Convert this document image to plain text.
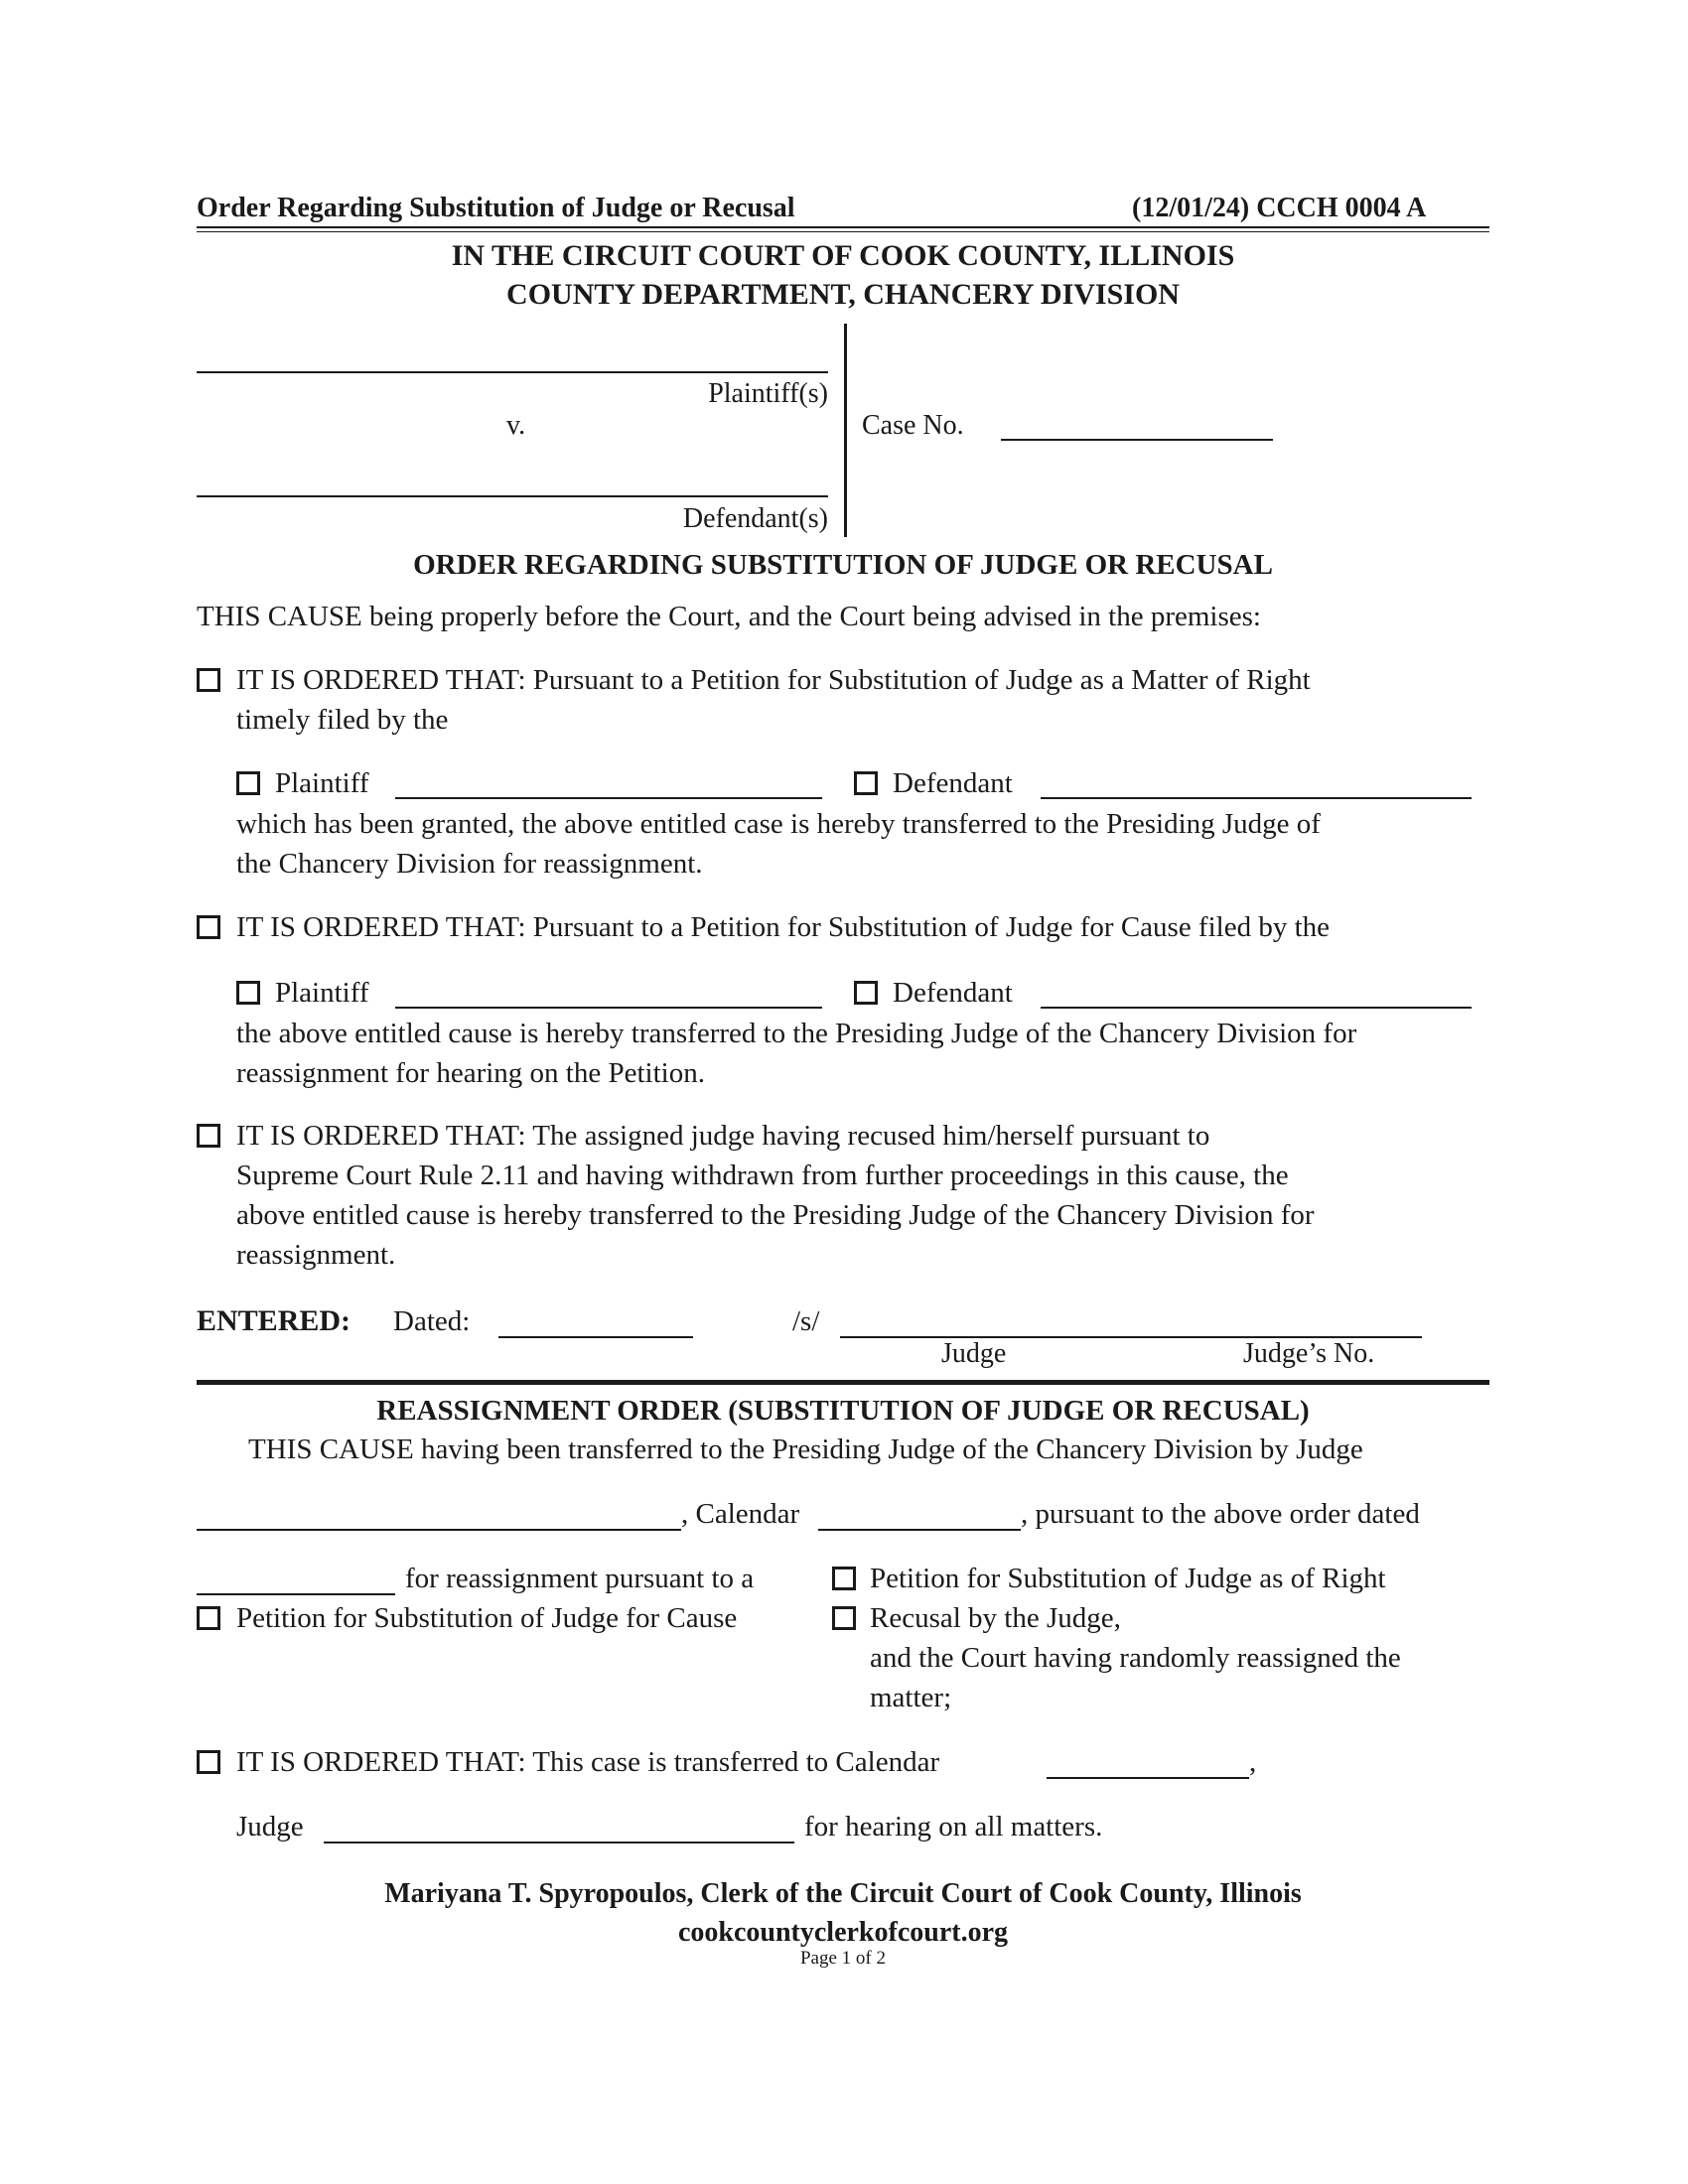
Order Regarding Substitution of Judge or Recusal	(12/01/24) CCCH 0004 A
IN THE CIRCUIT COURT OF COOK COUNTY, ILLINOIS
COUNTY DEPARTMENT, CHANCERY DIVISION
Plaintiff(s)
v.
Defendant(s)
Case No.
ORDER REGARDING SUBSTITUTION OF JUDGE OR RECUSAL
THIS CAUSE being properly before the Court, and the Court being advised in the premises:
IT IS ORDERED THAT: Pursuant to a Petition for Substitution of Judge as a Matter of Right
timely filed by the
Plaintiff	Defendant
which has been granted, the above entitled case is hereby transferred to the Presiding Judge of
the Chancery Division for reassignment.
IT IS ORDERED THAT: Pursuant to a Petition for Substitution of Judge for Cause filed by the
Plaintiff	Defendant
the above entitled cause is hereby transferred to the Presiding Judge of the Chancery Division for
reassignment for hearing on the Petition.
IT IS ORDERED THAT: The assigned judge having recused him/herself pursuant to
Supreme Court Rule 2.11 and having withdrawn from further proceedings in this cause, the
above entitled cause is hereby transferred to the Presiding Judge of the Chancery Division for
reassignment.
ENTERED: Dated:	/s/
Judge	Judge’s No.
REASSIGNMENT ORDER (SUBSTITUTION OF JUDGE OR RECUSAL)
THIS CAUSE having been transferred to the Presiding Judge of the Chancery Division by Judge
, Calendar	, pursuant to the above order dated
for reassignment pursuant to a	Petition for Substitution of Judge as of Right
Petition for Substitution of Judge for Cause	Recusal by the Judge,
and the Court having randomly reassigned the
matter;
IT IS ORDERED THAT: This case is transferred to Calendar	,
Judge	for hearing on all matters.
Mariyana T. Spyropoulos, Clerk of the Circuit Court of Cook County, Illinois
cookcountyclerkofcourt.org
Page 1 of 2
